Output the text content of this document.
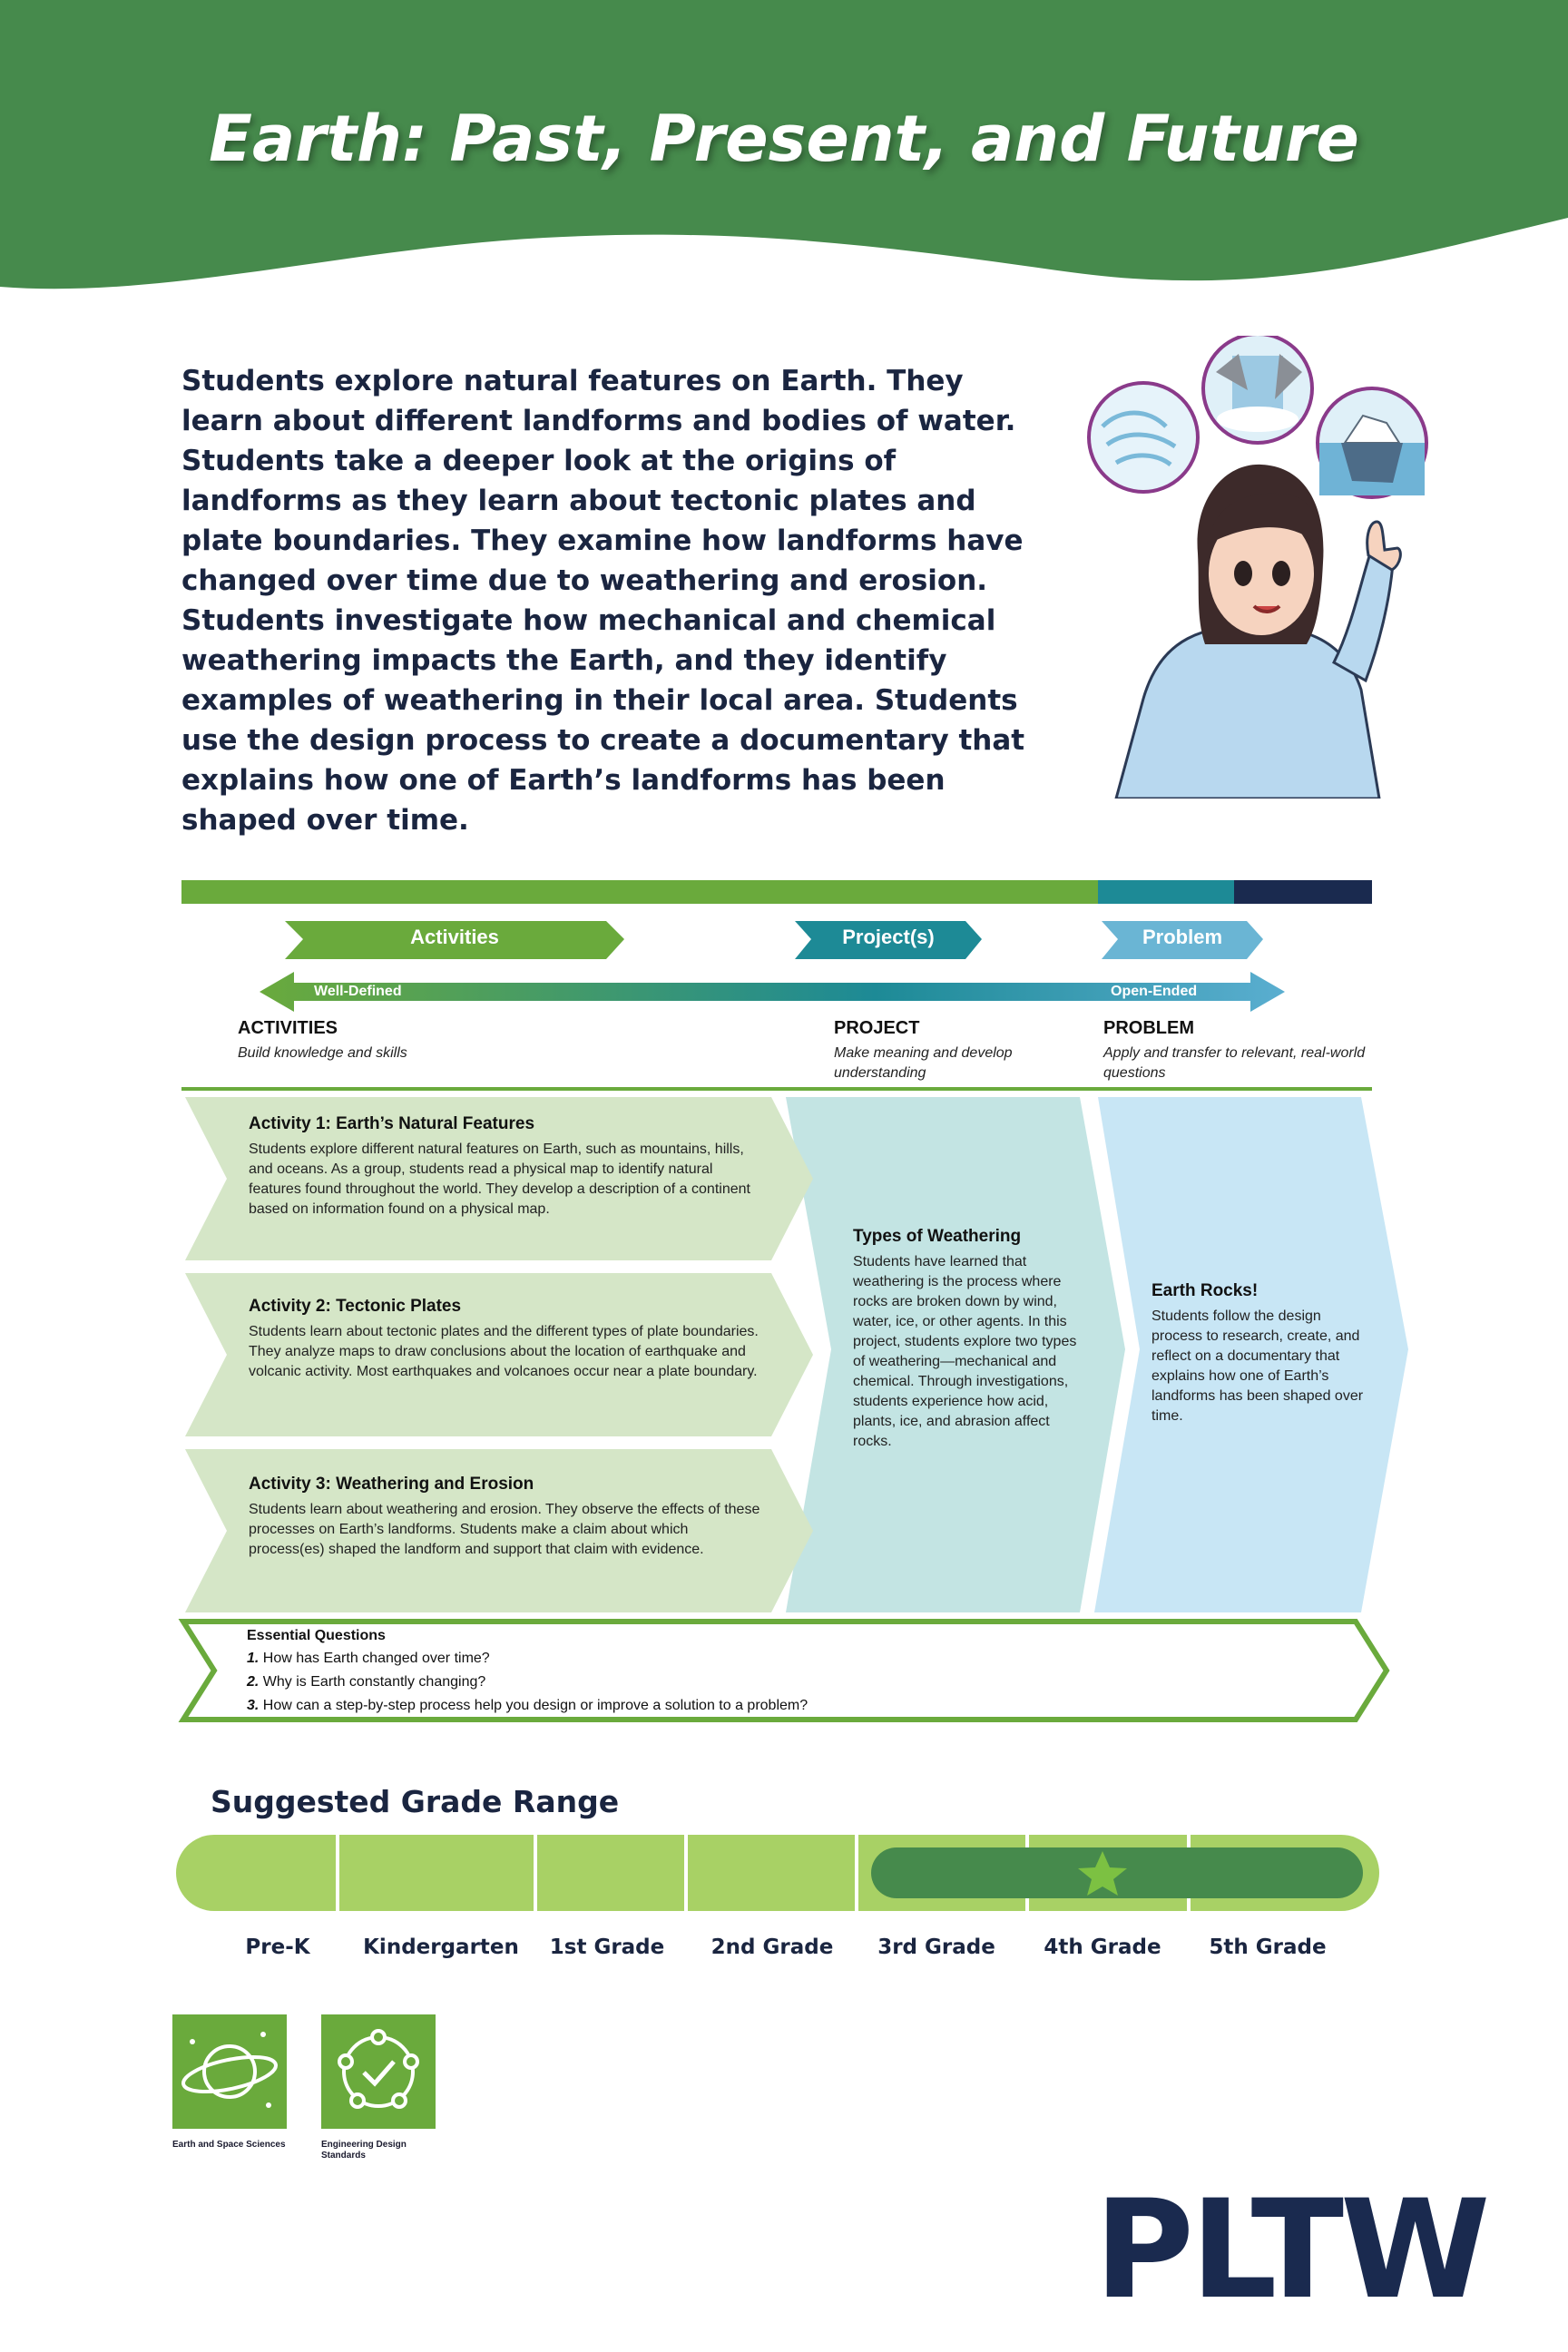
Earth: Past, Present, and Future
Students explore natural features on Earth. They learn about different landforms and bodies of water. Students take a deeper look at the origins of landforms as they learn about tectonic plates and plate boundaries. They examine how landforms have changed over time due to weathering and erosion. Students investigate how mechanical and chemical weathering impacts the Earth, and they identify examples of weathering in their local area. Students use the design process to create a documentary that explains how one of Earth’s landforms has been shaped over time.
Activities	Project(s)	Problem
Well-Defined	Open-Ended
ACTIVITIES
Build knowledge and skills
PROJECT
Make meaning and develop understanding
PROBLEM
Apply and transfer to relevant, real-world questions
Activity 1: Earth’s Natural Features
Students explore different natural features on Earth, such as mountains, hills, and oceans. As a group, students read a physical map to identify natural features found throughout the world. They develop a description of a continent based on information found on a physical map.
Activity 2: Tectonic Plates
Students learn about tectonic plates and the different types of plate boundaries. They analyze maps to draw conclusions about the location of earthquake and volcanic activity. Most earthquakes and volcanoes occur near a plate boundary.
Activity 3: Weathering and Erosion
Students learn about weathering and erosion. They observe the effects of these processes on Earth’s landforms. Students make a claim about which process(es) shaped the landform and support that claim with evidence.
Types of Weathering
Students have learned that weathering is the process where rocks are broken down by wind, water, ice, or other agents. In this project, students explore two types of weathering—mechanical and chemical. Through investigations, students experience how acid, plants, ice, and abrasion affect rocks.
Earth Rocks!
Students follow the design process to research, create, and reflect on a documentary that explains how one of Earth’s landforms has been shaped over time.
Essential Questions
1. How has Earth changed over time?
2. Why is Earth constantly changing?
3. How can a step-by-step process help you design or improve a solution to a problem?
Suggested Grade Range
Pre-K	Kindergarten	1st Grade	2nd Grade	3rd Grade	4th Grade	5th Grade
Earth and Space Sciences	Engineering Design Standards
PLTW
